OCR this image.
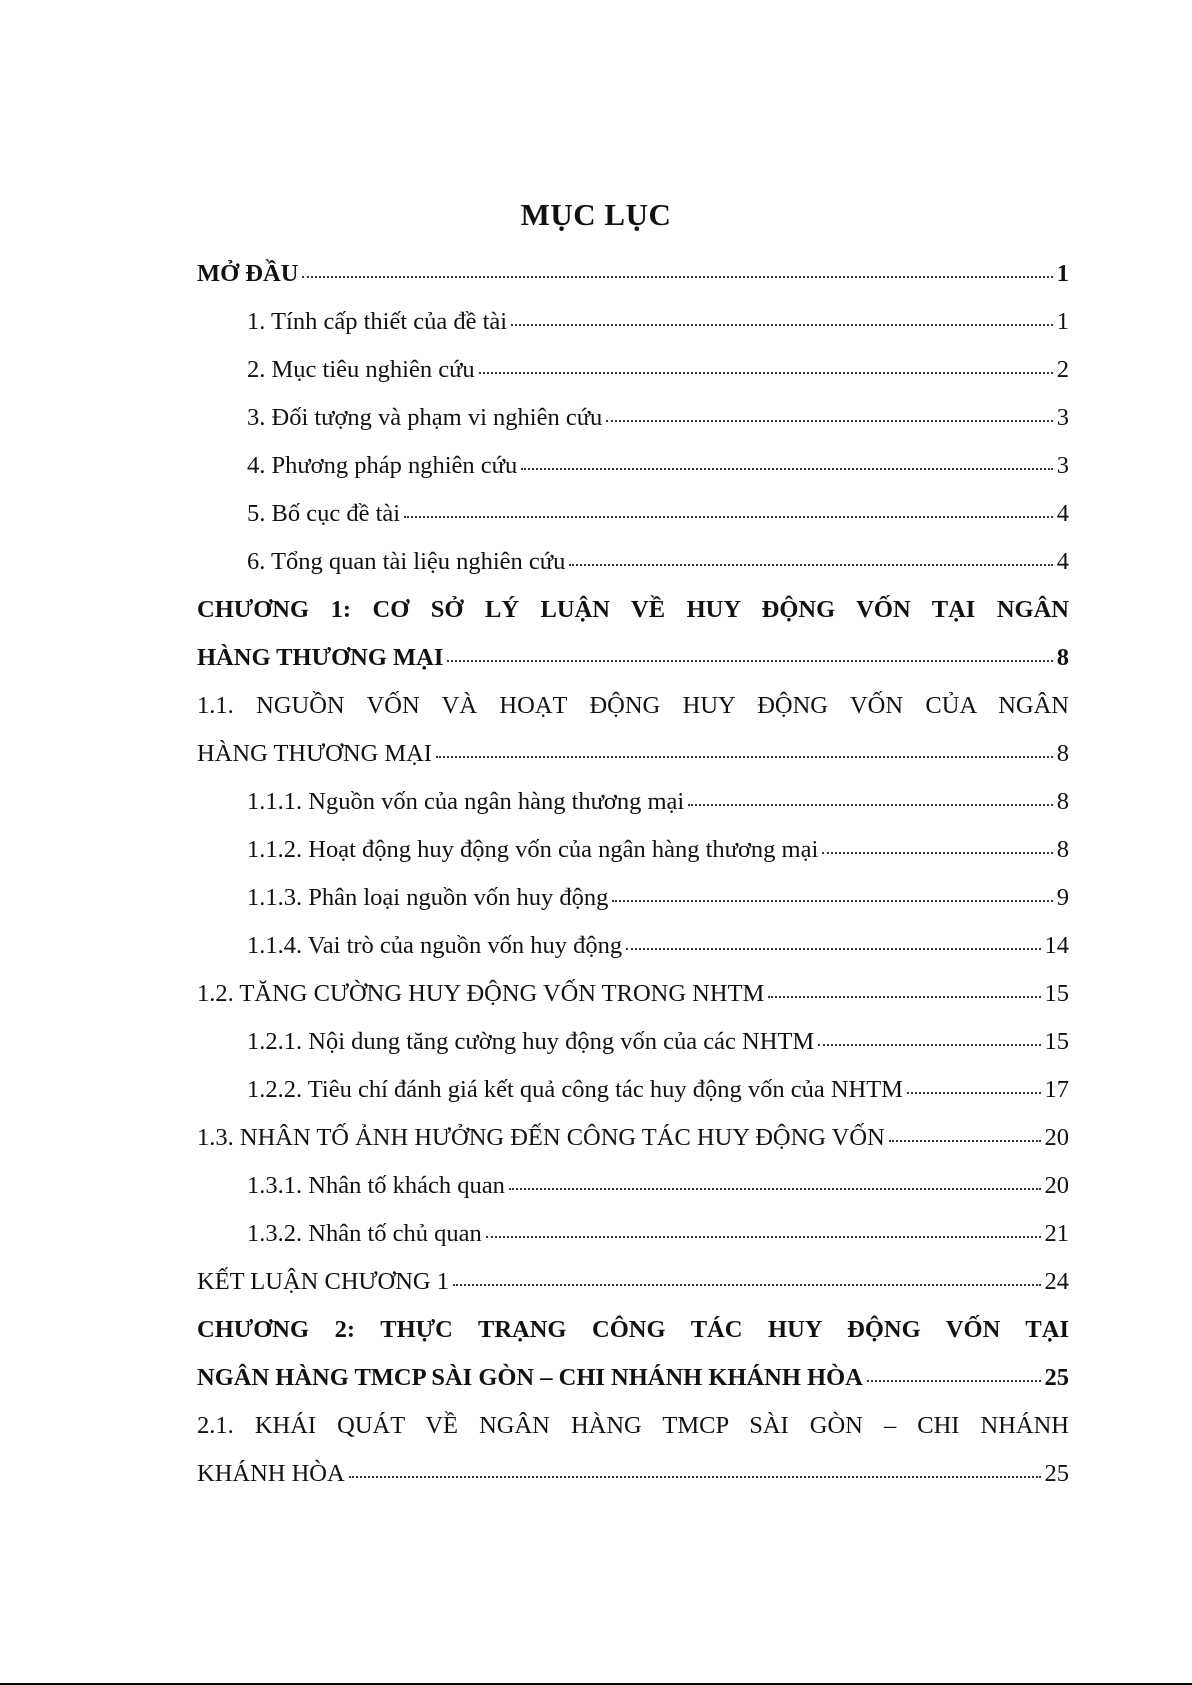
MỤC LỤC
MỞ ĐẦU	1
1. Tính cấp thiết của đề tài	1
2. Mục tiêu nghiên cứu	2
3. Đối tượng và phạm vi nghiên cứu	3
4. Phương pháp nghiên cứu	3
5. Bố cục đề tài	4
6. Tổng quan tài liệu nghiên cứu	4
CHƯƠNG 1: CƠ SỞ LÝ LUẬN VỀ HUY ĐỘNG VỐN TẠI NGÂN
HÀNG THƯƠNG MẠI	8
1.1. NGUỒN VỐN VÀ HOẠT ĐỘNG HUY ĐỘNG VỐN CỦA NGÂN
HÀNG THƯƠNG MẠI	8
1.1.1. Nguồn vốn của ngân hàng thương mại	8
1.1.2. Hoạt động huy động vốn của ngân hàng thương mại	8
1.1.3. Phân loại nguồn vốn huy động	9
1.1.4. Vai trò của nguồn vốn huy động	14
1.2. TĂNG CƯỜNG HUY ĐỘNG VỐN TRONG NHTM	15
1.2.1. Nội dung tăng cường huy động vốn của các NHTM	15
1.2.2. Tiêu chí đánh giá kết quả công tác huy động vốn của NHTM	17
1.3. NHÂN TỐ ẢNH HƯỞNG ĐẾN CÔNG TÁC HUY ĐỘNG VỐN	20
1.3.1. Nhân tố khách quan	20
1.3.2. Nhân tố chủ quan	21
KẾT LUẬN CHƯƠNG 1	24
CHƯƠNG 2: THỰC TRẠNG CÔNG TÁC HUY ĐỘNG VỐN TẠI
NGÂN HÀNG TMCP SÀI GÒN – CHI NHÁNH KHÁNH HÒA	25
2.1. KHÁI QUÁT VỀ NGÂN HÀNG TMCP SÀI GÒN – CHI NHÁNH
KHÁNH HÒA	25
